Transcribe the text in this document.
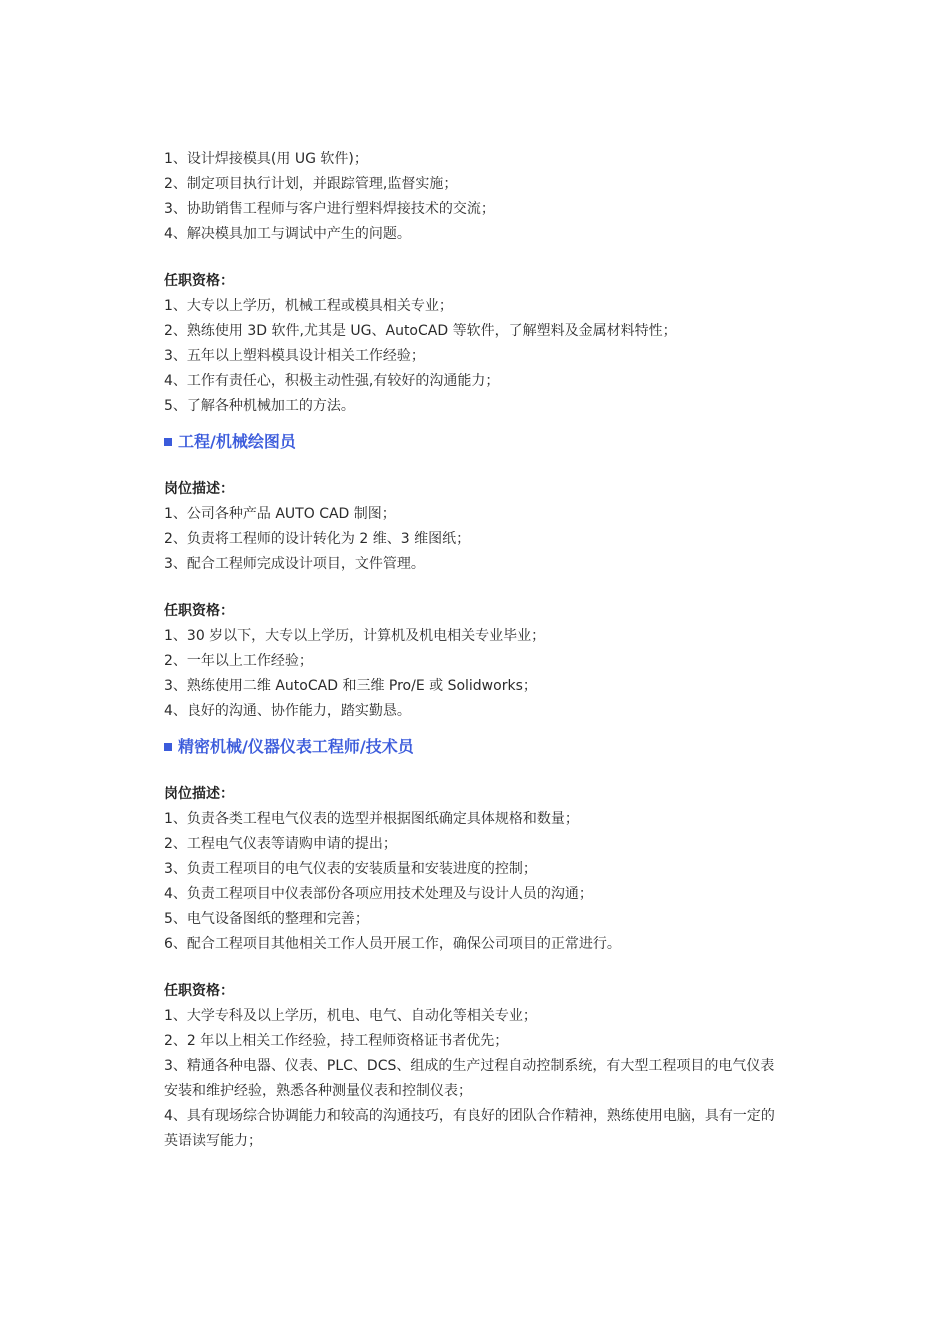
1、设计焊接模具(用 UG 软件)；
2、制定项目执行计划，并跟踪管理,监督实施；
3、协助销售工程师与客户进行塑料焊接技术的交流；
4、解决模具加工与调试中产生的问题。
任职资格：
1、大专以上学历，机械工程或模具相关专业；
2、熟练使用 3D 软件,尤其是 UG、AutoCAD 等软件，了解塑料及金属材料特性；
3、五年以上塑料模具设计相关工作经验；
4、工作有责任心，积极主动性强,有较好的沟通能力；
5、了解各种机械加工的方法。
工程/机械绘图员
岗位描述：
1、公司各种产品 AUTO CAD 制图；
2、负责将工程师的设计转化为 2 维、3 维图纸；
3、配合工程师完成设计项目，文件管理。
任职资格：
1、30 岁以下，大专以上学历，计算机及机电相关专业毕业；
2、一年以上工作经验；
3、熟练使用二维 AutoCAD 和三维 Pro/E 或 Solidworks；
4、良好的沟通、协作能力，踏实勤恳。
精密机械/仪器仪表工程师/技术员
岗位描述：
1、负责各类工程电气仪表的选型并根据图纸确定具体规格和数量；
2、工程电气仪表等请购申请的提出；
3、负责工程项目的电气仪表的安装质量和安装进度的控制；
4、负责工程项目中仪表部份各项应用技术处理及与设计人员的沟通；
5、电气设备图纸的整理和完善；
6、配合工程项目其他相关工作人员开展工作，确保公司项目的正常进行。
任职资格：
1、大学专科及以上学历，机电、电气、自动化等相关专业；
2、2 年以上相关工作经验，持工程师资格证书者优先；
3、精通各种电器、仪表、PLC、DCS、组成的生产过程自动控制系统，有大型工程项目的电气仪表安装和维护经验，熟悉各种测量仪表和控制仪表；
4、具有现场综合协调能力和较高的沟通技巧，有良好的团队合作精神，熟练使用电脑，具有一定的英语读写能力；
